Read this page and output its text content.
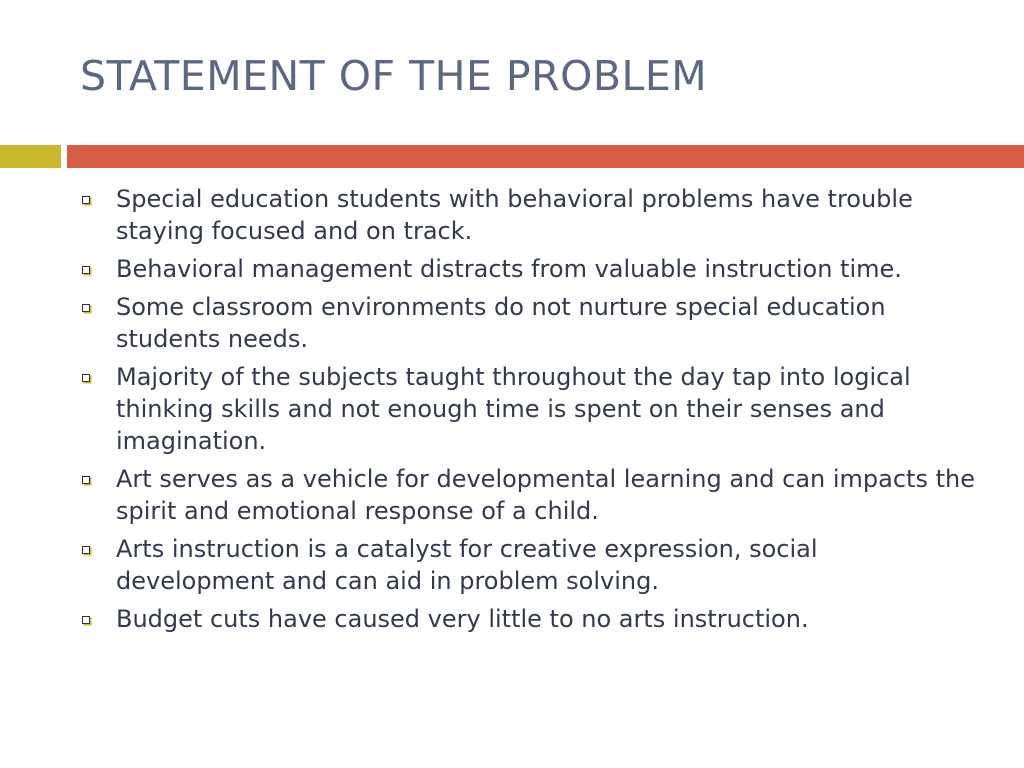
STATEMENT OF THE PROBLEM
Special education students with behavioral problems have trouble staying focused and on track.
Behavioral management distracts from valuable instruction time.
Some classroom environments do not nurture special education students needs.
Majority of the subjects taught throughout the day tap into logical thinking skills and not enough time is spent on their senses and imagination.
Art serves as a vehicle for developmental learning and can impacts the spirit and emotional response of a child.
Arts instruction is a catalyst for creative expression, social development and can aid in problem solving.
Budget cuts have caused very little to no arts instruction.
